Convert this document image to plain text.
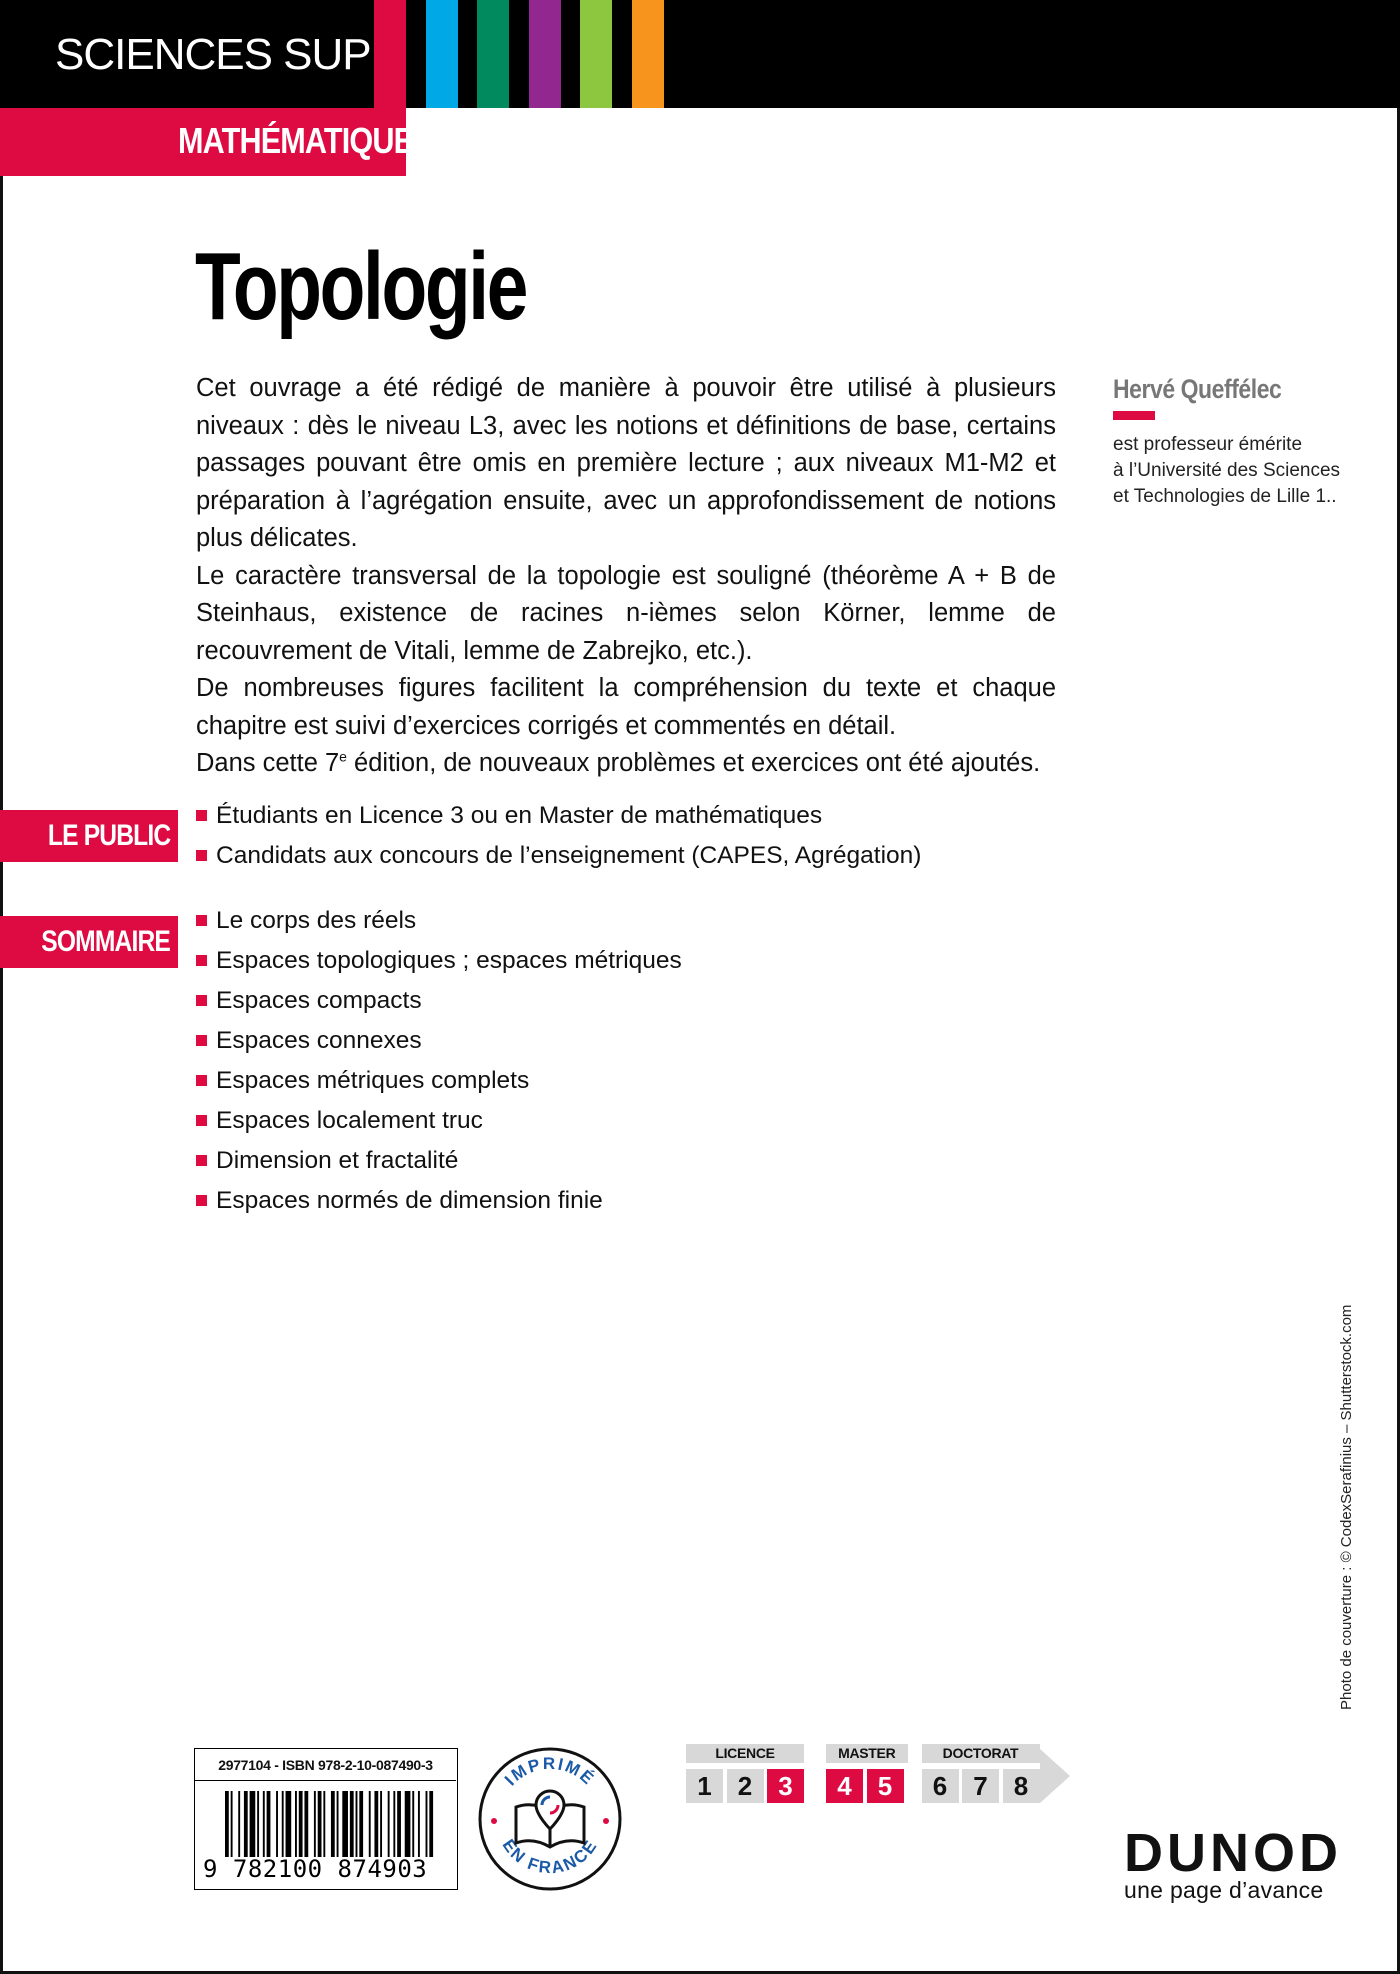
SCIENCES SUP
MATHÉMATIQUES
Topologie

Cet ouvrage a été rédigé de manière à pouvoir être utilisé à plusieurs niveaux : dès le niveau L3, avec les notions et définitions de base, certains passages pouvant être omis en première lecture ; aux niveaux M1-M2 et préparation à l’agrégation ensuite, avec un approfondissement de notions plus délicates.

Le caractère transversal de la topologie est souligné (théorème A + B de Steinhaus, existence de racines n-ièmes selon Körner, lemme de recouvrement de Vitali, lemme de Zabrejko, etc.).

De nombreuses figures facilitent la compréhension du texte et chaque chapitre est suivi d’exercices corrigés et commentés en détail.

Dans cette 7e édition, de nouveaux problèmes et exercices ont été ajoutés.

Hervé Queffélec
est professeur émérite
à l’Université des Sciences
et Technologies de Lille 1..
LE PUBLIC
Étudiants en Licence 3 ou en Master de mathématiques
Candidats aux concours de l’enseignement (CAPES, Agrégation)
SOMMAIRE
Le corps des réels
Espaces topologiques ; espaces métriques
Espaces compacts
Espaces connexes
Espaces métriques complets
Espaces localement truc
Dimension et fractalité
Espaces normés de dimension finie
Photo de couverture : © CodexSerafinius – Shutterstock.com
2977104 - ISBN 978-2-10-087490-3
9 782100 874903
IMPRIMÉ
EN FRANCE
LICENCE
1	2	3
MASTER
4	5
DOCTORAT
6	7	8
DUNOD
une page d’avance
